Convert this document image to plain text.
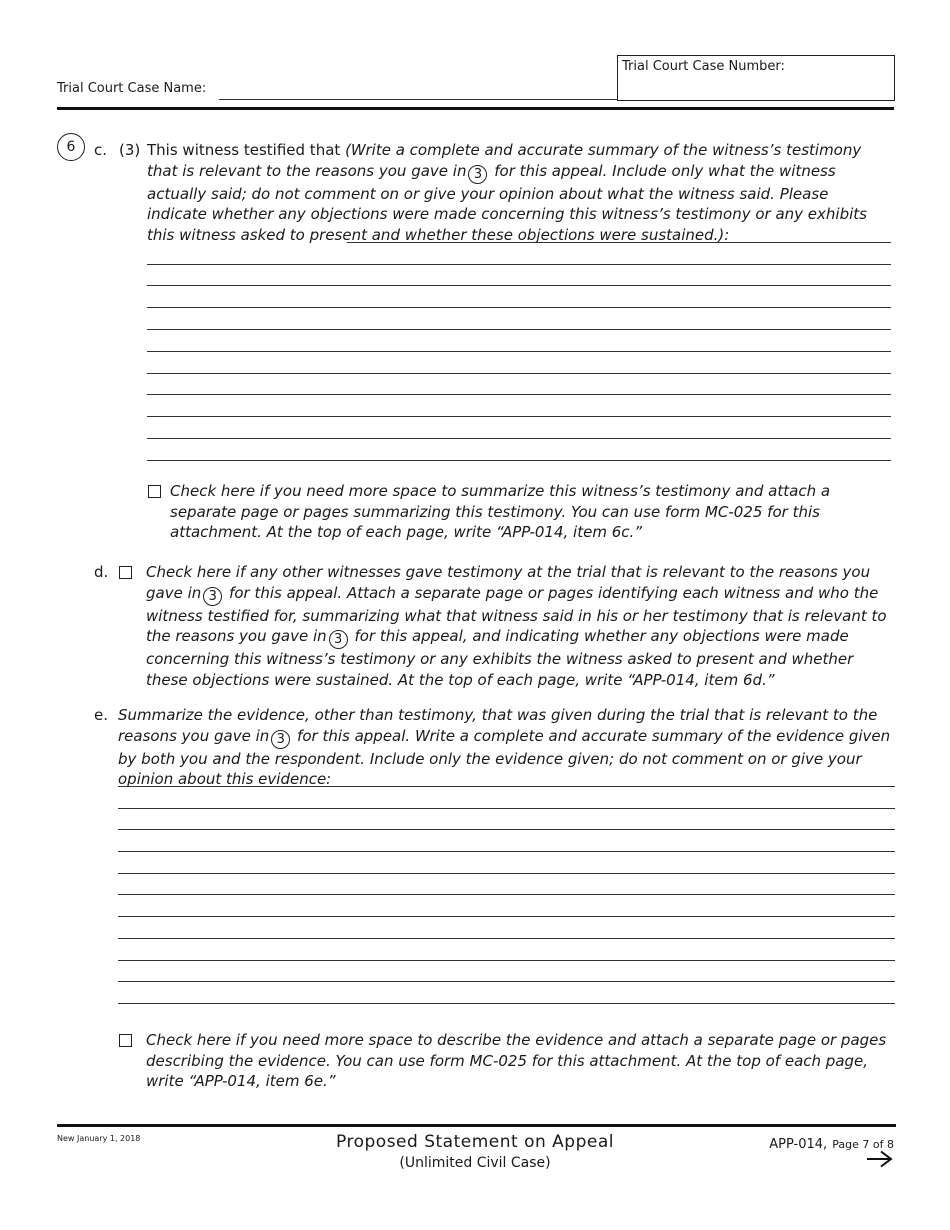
Trial Court Case Name:
Trial Court Case Number:
6	c. (3) This witness testified that (Write a complete and accurate summary of the witness’s testimony that is relevant to the reasons you gave in 3 for this appeal. Include only what the witness actually said; do not comment on or give your opinion about what the witness said. Please indicate whether any objections were made concerning this witness’s testimony or any exhibits this witness asked to present and whether these objections were sustained.):
Check here if you need more space to summarize this witness’s testimony and attach a separate page or pages summarizing this testimony. You can use form MC-025 for this attachment. At the top of each page, write “APP-014, item 6c.”
d.	Check here if any other witnesses gave testimony at the trial that is relevant to the reasons you gave in 3 for this appeal. Attach a separate page or pages identifying each witness and who the witness testified for, summarizing what that witness said in his or her testimony that is relevant to the reasons you gave in 3 for this appeal, and indicating whether any objections were made concerning this witness’s testimony or any exhibits the witness asked to present and whether these objections were sustained. At the top of each page, write “APP-014, item 6d.”
e. Summarize the evidence, other than testimony, that was given during the trial that is relevant to the reasons you gave in 3 for this appeal. Write a complete and accurate summary of the evidence given by both you and the respondent. Include only the evidence given; do not comment on or give your opinion about this evidence:
Check here if you need more space to describe the evidence and attach a separate page or pages describing the evidence. You can use form MC-025 for this attachment. At the top of each page, write “APP-014, item 6e.”
New January 1, 2018	Proposed Statement on Appeal
(Unlimited Civil Case)
APP-014, Page 7 of 8
